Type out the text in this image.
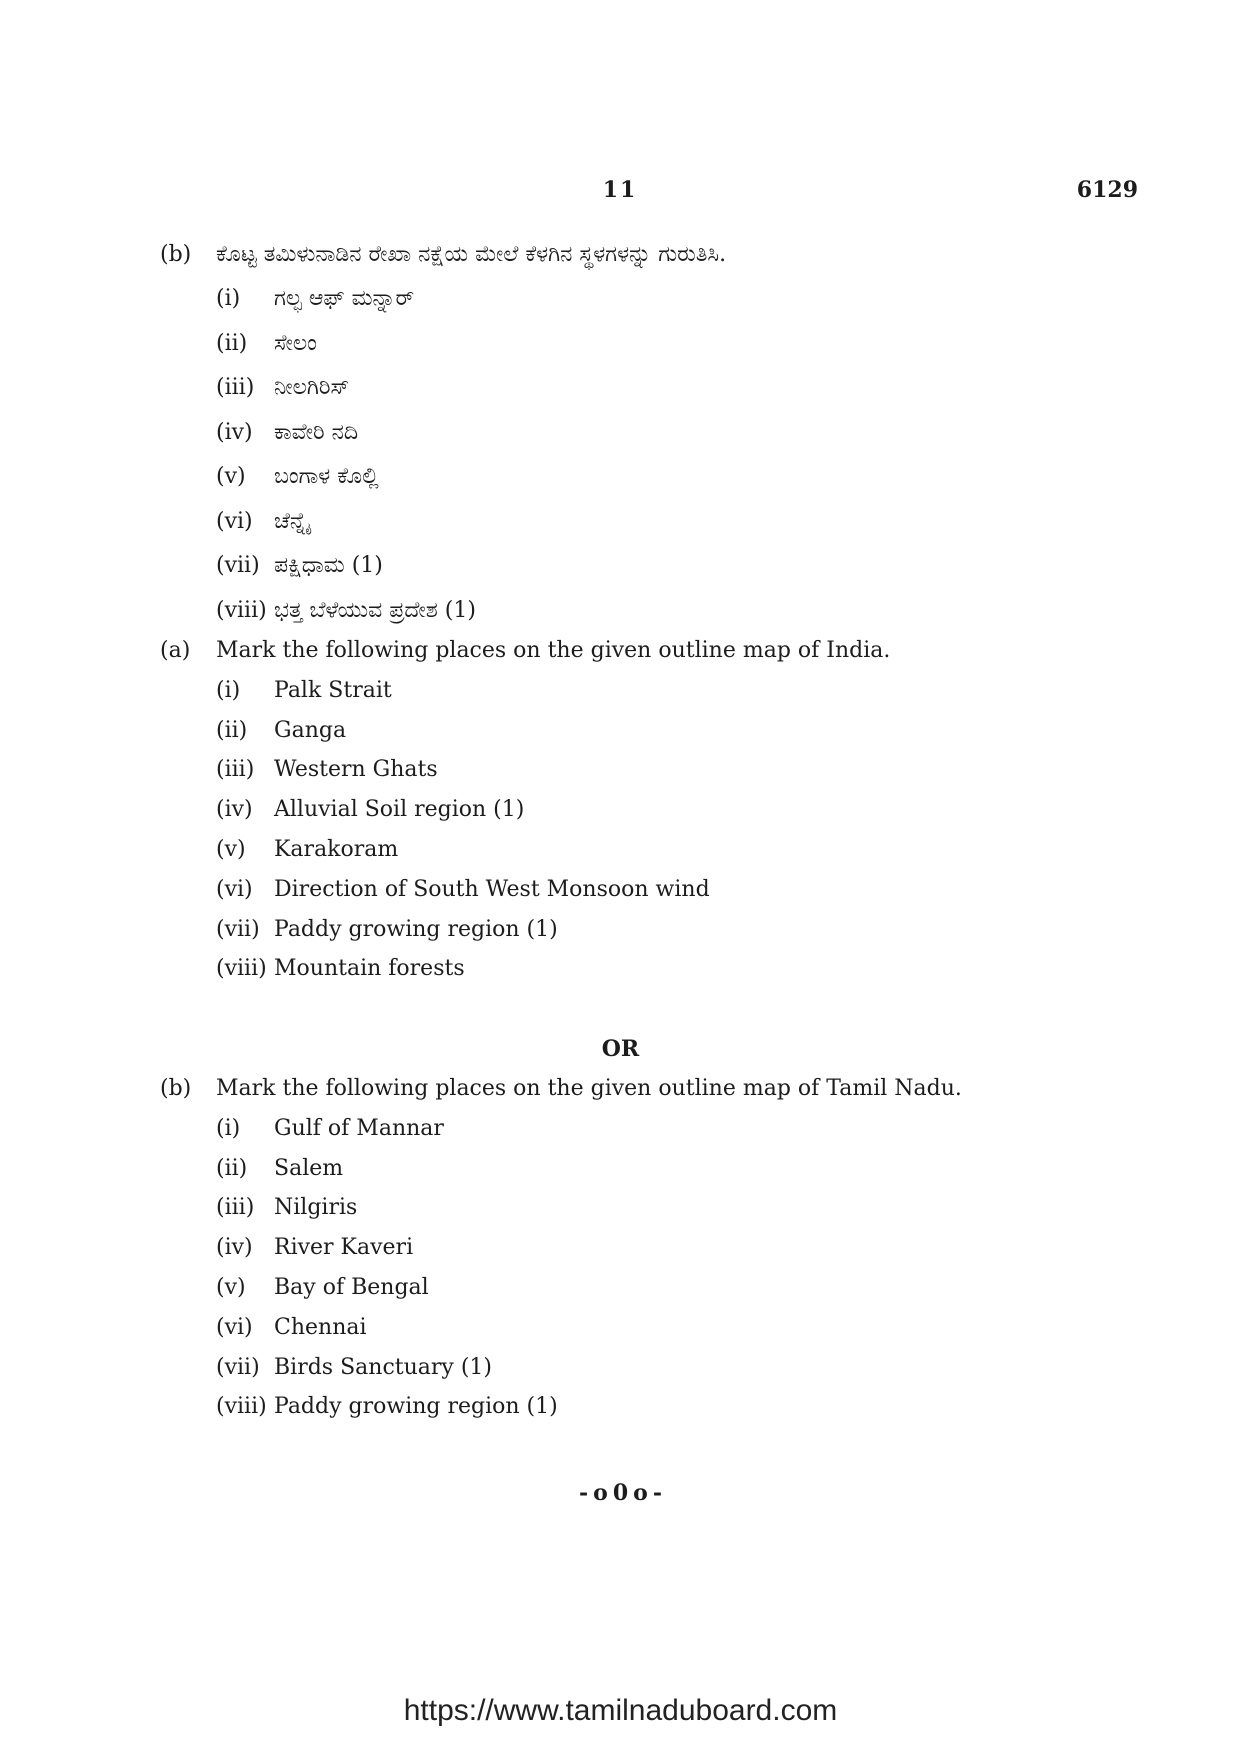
11	6129
(b) ಕೊಟ್ಟ ತಮಿಳುನಾಡಿನ ರೇಖಾ ನಕ್ಷೆಯ ಮೇಲೆ ಕೆಳಗಿನ ಸ್ಥಳಗಳನ್ನು ಗುರುತಿಸಿ.
(i) ಗಲ್ಫ ಆಫ್ ಮನ್ನಾರ್
(ii) ಸೇಲಂ
(iii) ನೀಲಗಿರಿಸ್
(iv) ಕಾವೇರಿ ನದಿ
(v) ಬಂಗಾಳ ಕೊಲ್ಲಿ
(vi) ಚೆನ್ನೈ
(vii) ಪಕ್ಷಿಧಾಮ (1)
(viii) ಭತ್ತ ಬೆಳೆಯುವ ಪ್ರದೇಶ (1)
(a) Mark the following places on the given outline map of India.
(i) Palk Strait
(ii) Ganga
(iii) Western Ghats
(iv) Alluvial Soil region (1)
(v) Karakoram
(vi) Direction of South West Monsoon wind
(vii) Paddy growing region (1)
(viii) Mountain forests
OR
(b) Mark the following places on the given outline map of Tamil Nadu.
(i) Gulf of Mannar
(ii) Salem
(iii) Nilgiris
(iv) River Kaveri
(v) Bay of Bengal
(vi) Chennai
(vii) Birds Sanctuary (1)
(viii) Paddy growing region (1)
-o0o-
https://www.tamilnaduboard.com
